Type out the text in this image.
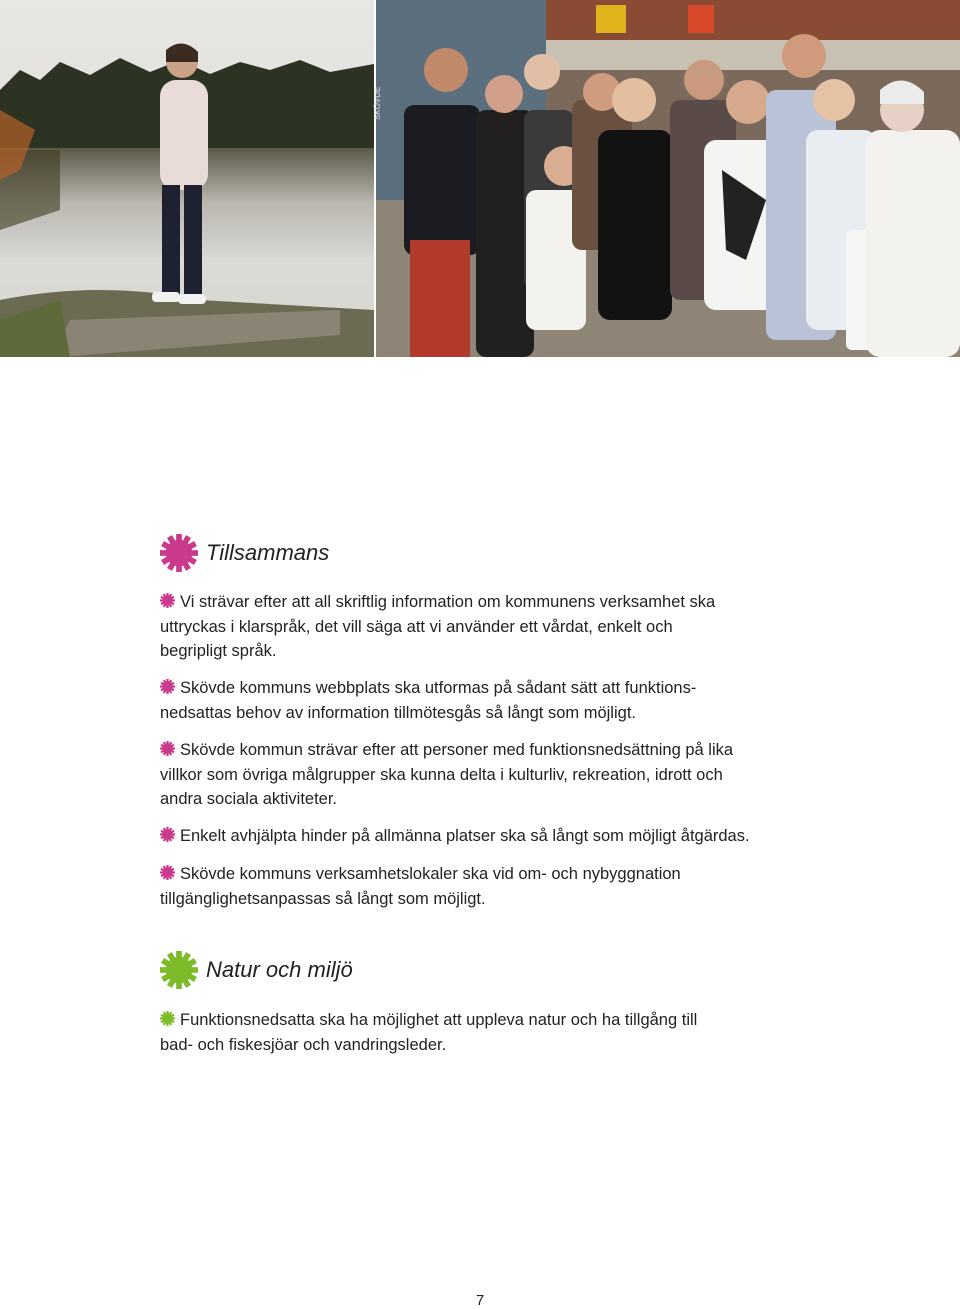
SKÖVDE
Tillsammans

Vi strävar efter att all skriftlig information om kommunens verksamhet ska
uttryckas i klarspråk, det vill säga att vi använder ett vårdat, enkelt och
begripligt språk.

Skövde kommuns webbplats ska utformas på sådant sätt att funktions-
nedsattas behov av information tillmötesgås så långt som möjligt.

Skövde kommun strävar efter att personer med funktionsnedsättning på lika
villkor som övriga målgrupper ska kunna delta i kulturliv, rekreation, idrott och
andra sociala aktiviteter.

Enkelt avhjälpta hinder på allmänna platser ska så långt som möjligt åtgärdas.

Skövde kommuns verksamhetslokaler ska vid om- och nybyggnation
tillgänglighetsanpassas så långt som möjligt.

Natur och miljö

Funktionsnedsatta ska ha möjlighet att uppleva natur och ha tillgång till
bad- och fiskesjöar och vandringsleder.

7
